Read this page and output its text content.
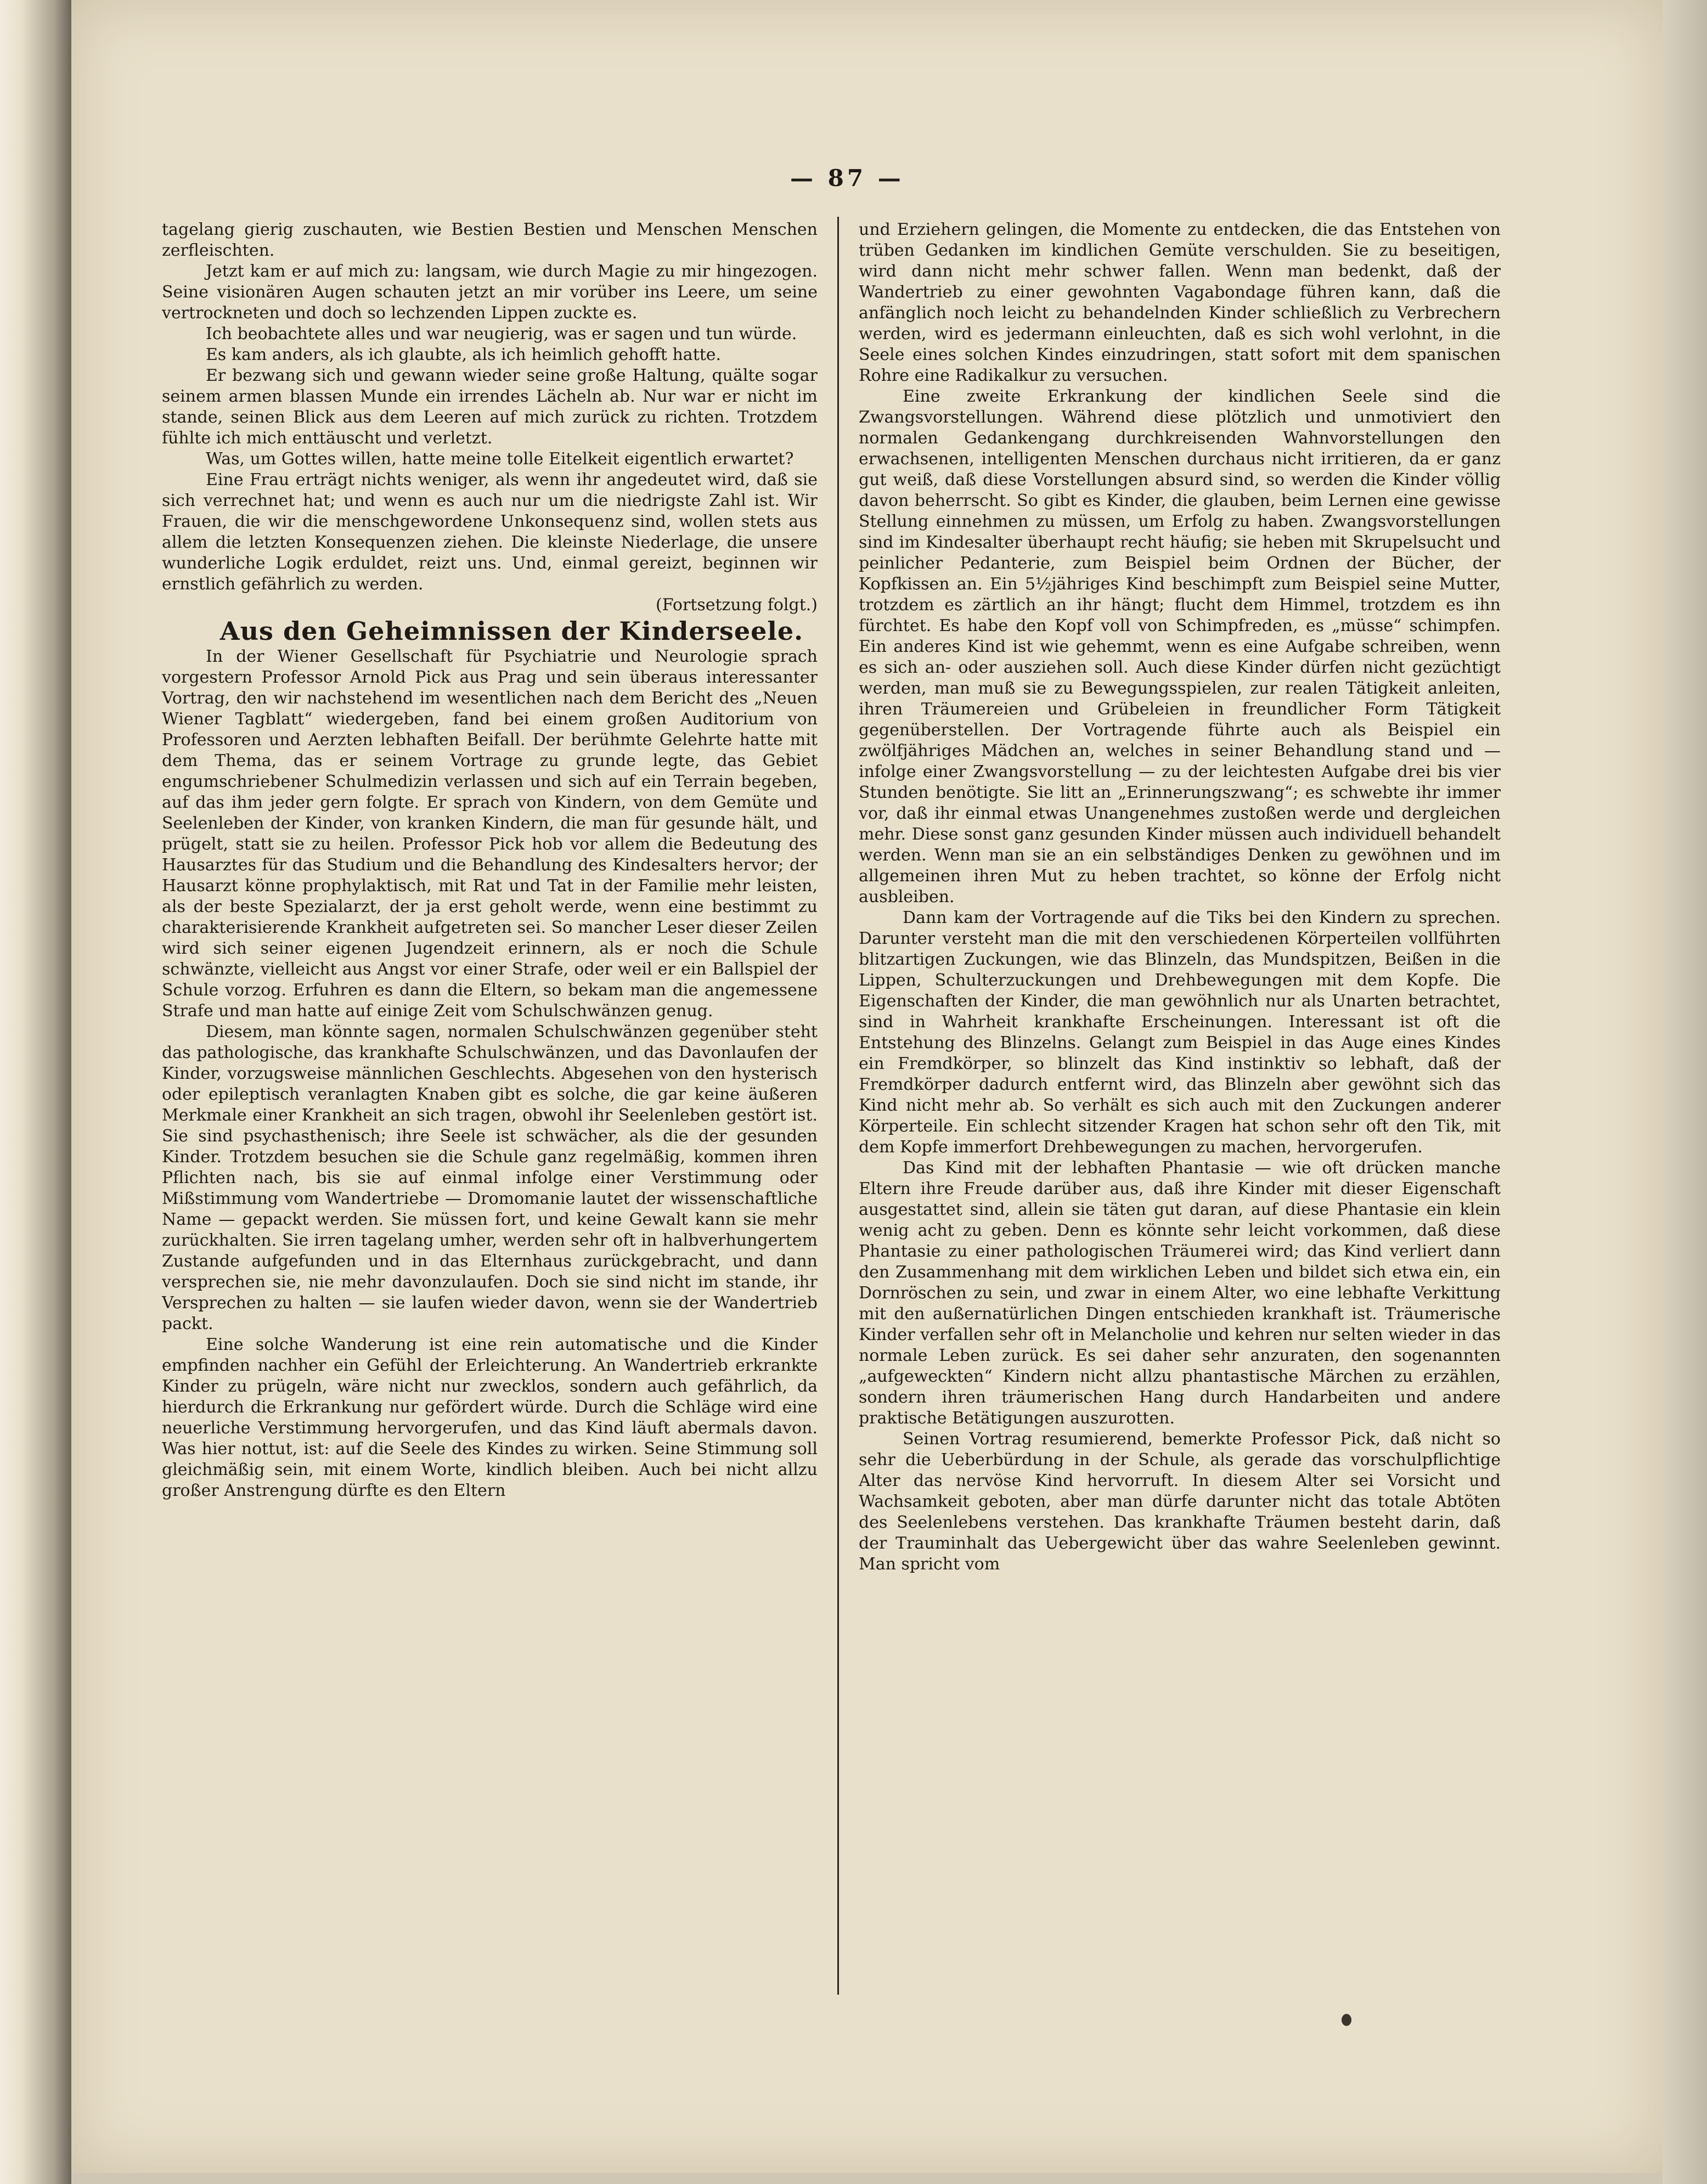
— 87 —

tagelang gierig zuschauten, wie Bestien Bestien und Menschen Menschen zerfleischten.

Jetzt kam er auf mich zu: langsam, wie durch Magie zu mir hingezogen. Seine visionären Augen schauten jetzt an mir vorüber ins Leere, um seine vertrockneten und doch so lechzenden Lippen zuckte es.

Ich beobachtete alles und war neugierig, was er sagen und tun würde.

Es kam anders, als ich glaubte, als ich heimlich gehofft hatte.

Er bezwang sich und gewann wieder seine große Haltung, quälte sogar seinem armen blassen Munde ein irrendes Lächeln ab. Nur war er nicht im stande, seinen Blick aus dem Leeren auf mich zurück zu richten. Trotzdem fühlte ich mich enttäuscht und verletzt.

Was, um Gottes willen, hatte meine tolle Eitelkeit eigentlich erwartet?

Eine Frau erträgt nichts weniger, als wenn ihr angedeutet wird, daß sie sich verrechnet hat; und wenn es auch nur um die niedrigste Zahl ist. Wir Frauen, die wir die menschgewordene Unkonsequenz sind, wollen stets aus allem die letzten Konsequenzen ziehen. Die kleinste Niederlage, die unsere wunderliche Logik erduldet, reizt uns. Und, einmal gereizt, beginnen wir ernstlich gefährlich zu werden.

(Fortsetzung folgt.)

Aus den Geheimnissen der Kinderseele.

In der Wiener Gesellschaft für Psychiatrie und Neurologie sprach vorgestern Professor Arnold Pick aus Prag und sein überaus interessanter Vortrag, den wir nachstehend im wesentlichen nach dem Bericht des „Neuen Wiener Tagblatt“ wiedergeben, fand bei einem großen Auditorium von Professoren und Aerzten lebhaften Beifall. Der berühmte Gelehrte hatte mit dem Thema, das er seinem Vortrage zu grunde legte, das Gebiet engumschriebener Schulmedizin verlassen und sich auf ein Terrain begeben, auf das ihm jeder gern folgte. Er sprach von Kindern, von dem Gemüte und Seelenleben der Kinder, von kranken Kindern, die man für gesunde hält, und prügelt, statt sie zu heilen. Professor Pick hob vor allem die Bedeutung des Hausarztes für das Studium und die Behandlung des Kindesalters hervor; der Hausarzt könne prophylaktisch, mit Rat und Tat in der Familie mehr leisten, als der beste Spezialarzt, der ja erst geholt werde, wenn eine bestimmt zu charakterisierende Krankheit aufgetreten sei. So mancher Leser dieser Zeilen wird sich seiner eigenen Jugendzeit erinnern, als er noch die Schule schwänzte, vielleicht aus Angst vor einer Strafe, oder weil er ein Ballspiel der Schule vorzog. Erfuhren es dann die Eltern, so bekam man die angemessene Strafe und man hatte auf einige Zeit vom Schulschwänzen genug.

Diesem, man könnte sagen, normalen Schulschwänzen gegenüber steht das pathologische, das krankhafte Schulschwänzen, und das Davonlaufen der Kinder, vorzugsweise männlichen Geschlechts. Abgesehen von den hysterisch oder epileptisch veranlagten Knaben gibt es solche, die gar keine äußeren Merkmale einer Krankheit an sich tragen, obwohl ihr Seelenleben gestört ist. Sie sind psychasthenisch; ihre Seele ist schwächer, als die der gesunden Kinder. Trotzdem besuchen sie die Schule ganz regelmäßig, kommen ihren Pflichten nach, bis sie auf einmal infolge einer Verstimmung oder Mißstimmung vom Wandertriebe — Dromomanie lautet der wissenschaftliche Name — gepackt werden. Sie müssen fort, und keine Gewalt kann sie mehr zurückhalten. Sie irren tagelang umher, werden sehr oft in halbverhungertem Zustande aufgefunden und in das Elternhaus zurückgebracht, und dann versprechen sie, nie mehr davonzulaufen. Doch sie sind nicht im stande, ihr Versprechen zu halten — sie laufen wieder davon, wenn sie der Wandertrieb packt.

Eine solche Wanderung ist eine rein automatische und die Kinder empfinden nachher ein Gefühl der Erleichterung. An Wandertrieb erkrankte Kinder zu prügeln, wäre nicht nur zwecklos, sondern auch gefährlich, da hierdurch die Erkrankung nur gefördert würde. Durch die Schläge wird eine neuerliche Verstimmung hervorgerufen, und das Kind läuft abermals davon. Was hier nottut, ist: auf die Seele des Kindes zu wirken. Seine Stimmung soll gleichmäßig sein, mit einem Worte, kindlich bleiben. Auch bei nicht allzu großer Anstrengung dürfte es den Eltern

und Erziehern gelingen, die Momente zu entdecken, die das Entstehen von trüben Gedanken im kindlichen Gemüte verschulden. Sie zu beseitigen, wird dann nicht mehr schwer fallen. Wenn man bedenkt, daß der Wandertrieb zu einer gewohnten Vagabondage führen kann, daß die anfänglich noch leicht zu behandelnden Kinder schließlich zu Verbrechern werden, wird es jedermann einleuchten, daß es sich wohl verlohnt, in die Seele eines solchen Kindes einzudringen, statt sofort mit dem spanischen Rohre eine Radikalkur zu versuchen.

Eine zweite Erkrankung der kindlichen Seele sind die Zwangsvorstellungen. Während diese plötzlich und unmotiviert den normalen Gedankengang durchkreisenden Wahnvorstellungen den erwachsenen, intelligenten Menschen durchaus nicht irritieren, da er ganz gut weiß, daß diese Vorstellungen absurd sind, so werden die Kinder völlig davon beherrscht. So gibt es Kinder, die glauben, beim Lernen eine gewisse Stellung einnehmen zu müssen, um Erfolg zu haben. Zwangsvorstellungen sind im Kindesalter überhaupt recht häufig; sie heben mit Skrupelsucht und peinlicher Pedanterie, zum Beispiel beim Ordnen der Bücher, der Kopfkissen an. Ein 5½jähriges Kind beschimpft zum Beispiel seine Mutter, trotzdem es zärtlich an ihr hängt; flucht dem Himmel, trotzdem es ihn fürchtet. Es habe den Kopf voll von Schimpfreden, es „müsse“ schimpfen. Ein anderes Kind ist wie gehemmt, wenn es eine Aufgabe schreiben, wenn es sich an- oder ausziehen soll. Auch diese Kinder dürfen nicht gezüchtigt werden, man muß sie zu Bewegungsspielen, zur realen Tätigkeit anleiten, ihren Träumereien und Grübeleien in freundlicher Form Tätigkeit gegenüberstellen. Der Vortragende führte auch als Beispiel ein zwölfjähriges Mädchen an, welches in seiner Behandlung stand und — infolge einer Zwangsvorstellung — zu der leichtesten Aufgabe drei bis vier Stunden benötigte. Sie litt an „Erinnerungszwang“; es schwebte ihr immer vor, daß ihr einmal etwas Unangenehmes zustoßen werde und dergleichen mehr. Diese sonst ganz gesunden Kinder müssen auch individuell behandelt werden. Wenn man sie an ein selbständiges Denken zu gewöhnen und im allgemeinen ihren Mut zu heben trachtet, so könne der Erfolg nicht ausbleiben.

Dann kam der Vortragende auf die Tiks bei den Kindern zu sprechen. Darunter versteht man die mit den verschiedenen Körperteilen vollführten blitzartigen Zuckungen, wie das Blinzeln, das Mundspitzen, Beißen in die Lippen, Schulterzuckungen und Drehbewegungen mit dem Kopfe. Die Eigenschaften der Kinder, die man gewöhnlich nur als Unarten betrachtet, sind in Wahrheit krankhafte Erscheinungen. Interessant ist oft die Entstehung des Blinzelns. Gelangt zum Beispiel in das Auge eines Kindes ein Fremdkörper, so blinzelt das Kind instinktiv so lebhaft, daß der Fremdkörper dadurch entfernt wird, das Blinzeln aber gewöhnt sich das Kind nicht mehr ab. So verhält es sich auch mit den Zuckungen anderer Körperteile. Ein schlecht sitzender Kragen hat schon sehr oft den Tik, mit dem Kopfe immerfort Drehbewegungen zu machen, hervorgerufen.

Das Kind mit der lebhaften Phantasie — wie oft drücken manche Eltern ihre Freude darüber aus, daß ihre Kinder mit dieser Eigenschaft ausgestattet sind, allein sie täten gut daran, auf diese Phantasie ein klein wenig acht zu geben. Denn es könnte sehr leicht vorkommen, daß diese Phantasie zu einer pathologischen Träumerei wird; das Kind verliert dann den Zusammenhang mit dem wirklichen Leben und bildet sich etwa ein, ein Dornröschen zu sein, und zwar in einem Alter, wo eine lebhafte Verkittung mit den außernatürlichen Dingen entschieden krankhaft ist. Träumerische Kinder verfallen sehr oft in Melancholie und kehren nur selten wieder in das normale Leben zurück. Es sei daher sehr anzuraten, den sogenannten „aufgeweckten“ Kindern nicht allzu phantastische Märchen zu erzählen, sondern ihren träumerischen Hang durch Handarbeiten und andere praktische Betätigungen auszurotten.

Seinen Vortrag resumierend, bemerkte Professor Pick, daß nicht so sehr die Ueberbürdung in der Schule, als gerade das vorschulpflichtige Alter das nervöse Kind hervorruft. In diesem Alter sei Vorsicht und Wachsamkeit geboten, aber man dürfe darunter nicht das totale Abtöten des Seelenlebens verstehen. Das krankhafte Träumen besteht darin, daß der Trauminhalt das Uebergewicht über das wahre Seelenleben gewinnt. Man spricht vom
